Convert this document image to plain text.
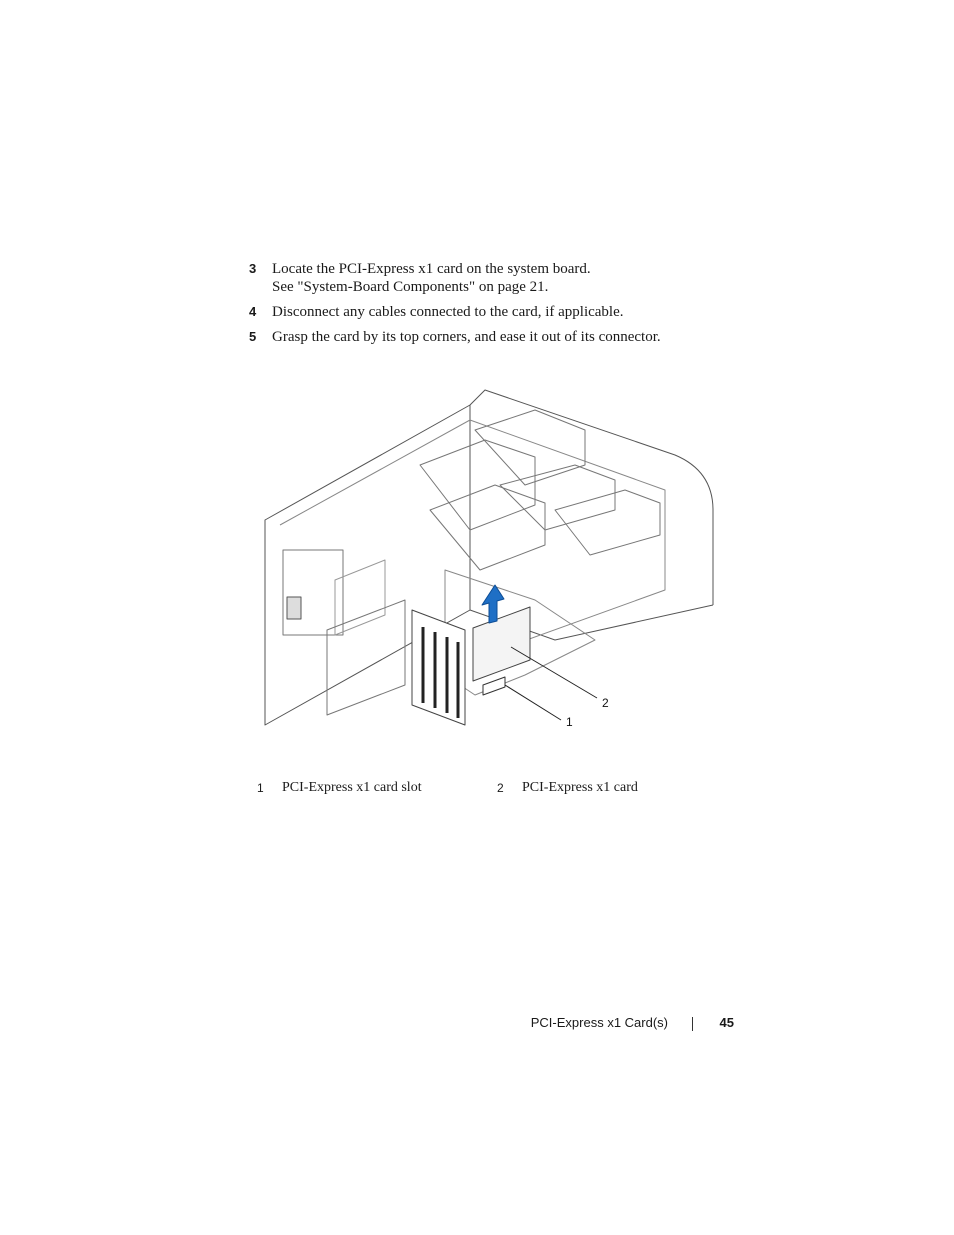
3 Locate the PCI-Express x1 card on the system board.
See "System-Board Components" on page 21.
4 Disconnect any cables connected to the card, if applicable.
5 Grasp the card by its top corners, and ease it out of its connector.
2
1
1 PCI-Express x1 card slot	2 PCI-Express x1 card
PCI-Express x1 Card(s)	45
